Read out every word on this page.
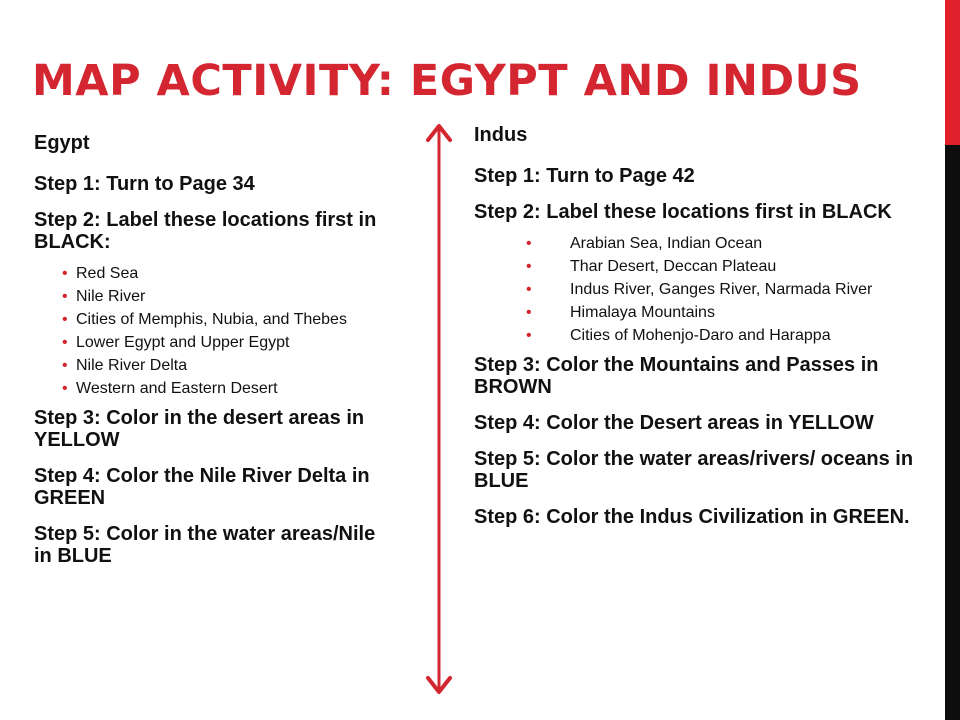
MAP ACTIVITY: EGYPT AND INDUS
Egypt
Step 1: Turn to Page 34
Step 2: Label these locations first in BLACK:
• Red Sea
• Nile River
• Cities of Memphis, Nubia, and Thebes
• Lower Egypt and Upper Egypt
• Nile River Delta
• Western and Eastern Desert
Step 3: Color in the desert areas in YELLOW
Step 4: Color the Nile River Delta in GREEN
Step 5: Color in the water areas/Nile in BLUE
Indus
Step 1: Turn to Page 42
Step 2: Label these locations first in BLACK
• Arabian Sea, Indian Ocean
• Thar Desert, Deccan Plateau
• Indus River, Ganges River, Narmada River
• Himalaya Mountains
• Cities of Mohenjo-Daro and Harappa
Step 3: Color the Mountains and Passes in BROWN
Step 4: Color the Desert areas in YELLOW
Step 5: Color the water areas/rivers/ oceans in BLUE
Step 6: Color the Indus Civilization in GREEN.
